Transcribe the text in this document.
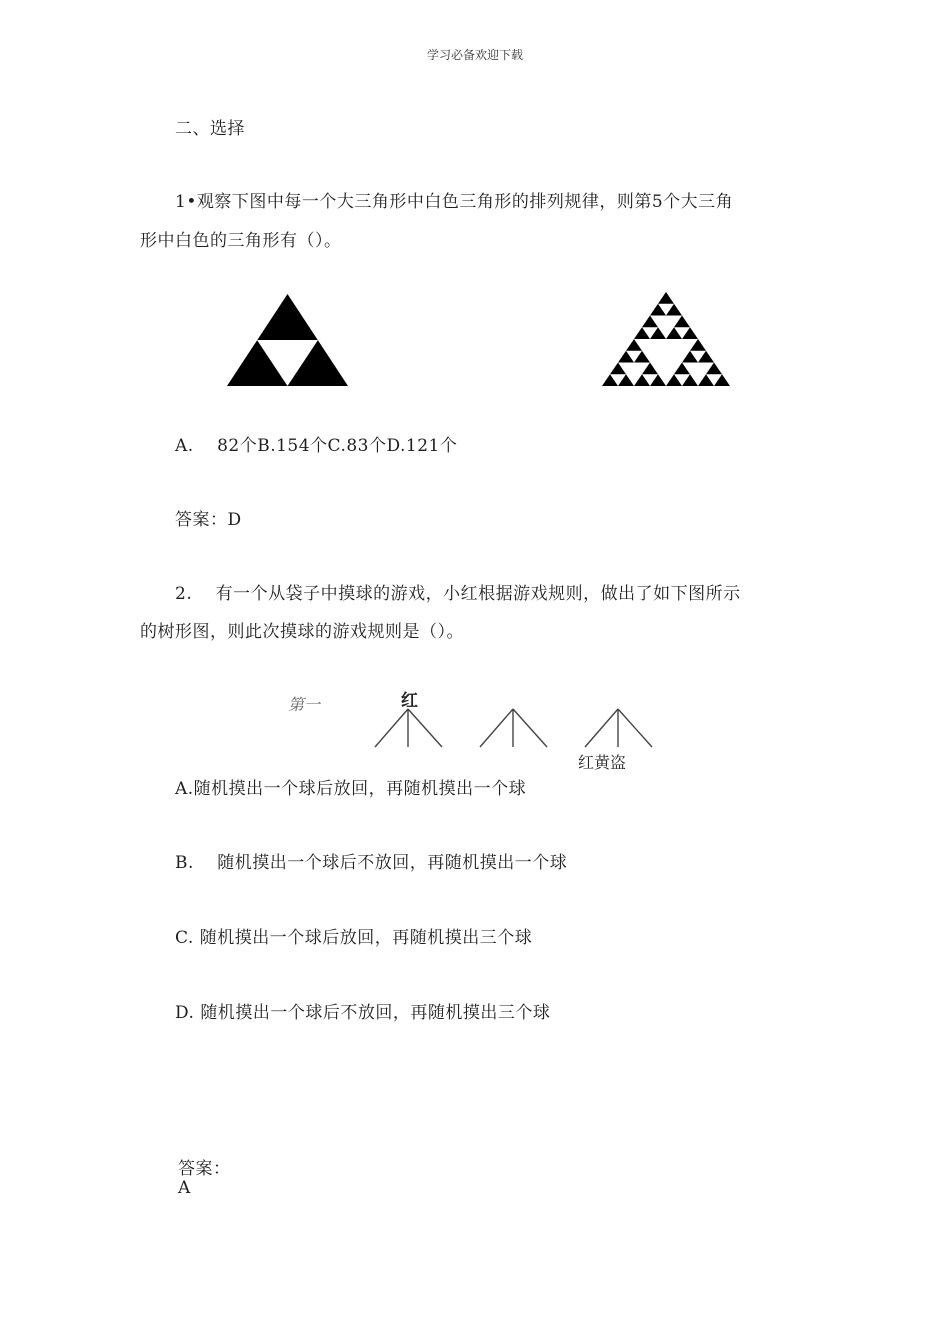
学习必备欢迎下载
二、选择
1•观察下图中每一个大三角形中白色三角形的排列规律，则第5个大三角
形中白色的三角形有（）。
A.　 82个B.154个C.83个D.121个
答案：D
2.　 有一个从袋子中摸球的游戏，小红根据游戏规则，做出了如下图所示
的树形图，则此次摸球的游戏规则是（）。
第一	红
红黄盗
A.随机摸出一个球后放回，再随机摸出一个球
B.　 随机摸出一个球后不放回，再随机摸出一个球
C. 随机摸出一个球后放回，再随机摸出三个球
D. 随机摸出一个球后不放回，再随机摸出三个球
答案：
A
